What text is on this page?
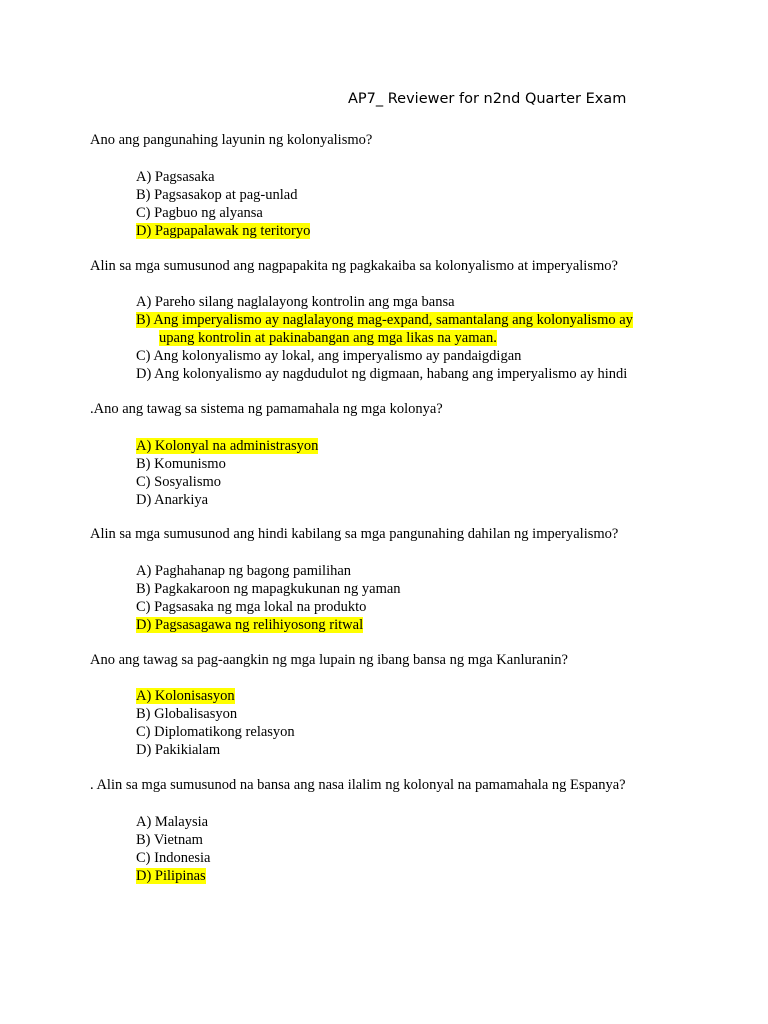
AP7_ Reviewer for n2nd Quarter Exam
Ano ang pangunahing layunin ng kolonyalismo?
A) Pagsasaka
B) Pagsasakop at pag-unlad
C) Pagbuo ng alyansa
D) Pagpapalawak ng teritoryo
Alin sa mga sumusunod ang nagpapakita ng pagkakaiba sa kolonyalismo at imperyalismo?
A) Pareho silang naglalayong kontrolin ang mga bansa
B) Ang imperyalismo ay naglalayong mag-expand, samantalang ang kolonyalismo ay
upang kontrolin at pakinabangan ang mga likas na yaman.
C) Ang kolonyalismo ay lokal, ang imperyalismo ay pandaigdigan
D) Ang kolonyalismo ay nagdudulot ng digmaan, habang ang imperyalismo ay hindi
.Ano ang tawag sa sistema ng pamamahala ng mga kolonya?
A) Kolonyal na administrasyon
B) Komunismo
C) Sosyalismo
D) Anarkiya
Alin sa mga sumusunod ang hindi kabilang sa mga pangunahing dahilan ng imperyalismo?
A) Paghahanap ng bagong pamilihan
B) Pagkakaroon ng mapagkukunan ng yaman
C) Pagsasaka ng mga lokal na produkto
D) Pagsasagawa ng relihiyosong ritwal
Ano ang tawag sa pag-aangkin ng mga lupain ng ibang bansa ng mga Kanluranin?
A) Kolonisasyon
B) Globalisasyon
C) Diplomatikong relasyon
D) Pakikialam
. Alin sa mga sumusunod na bansa ang nasa ilalim ng kolonyal na pamamahala ng Espanya?
A) Malaysia
B) Vietnam
C) Indonesia
D) Pilipinas
